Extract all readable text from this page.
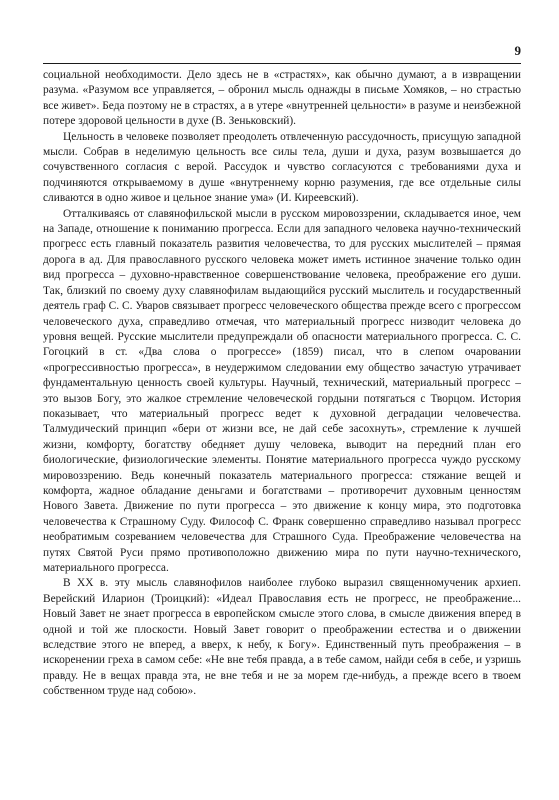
9

социальной необходимости. Дело здесь не в «страстях», как обычно думают, а в извращении разума. «Разумом все управляется, – обронил мысль однажды в письме Хомяков, – но страстью все живет». Беда поэтому не в страстях, а в утере «внутренней цельности» в разуме и неизбежной потере здоровой цельности в духе (В. Зеньковский).

Цельность в человеке позволяет преодолеть отвлеченную рассудочность, присущую западной мысли. Собрав в неделимую цельность все силы тела, души и духа, разум возвышается до сочувственного согласия с верой. Рассудок и чувство согласуются с требованиями духа и подчиняются открываемому в душе «внутреннему корню разумения, где все отдельные силы сливаются в одно живое и цельное знание ума» (И. Киреевский).

Отталкиваясь от славянофильской мысли в русском мировоззрении, складывается иное, чем на Западе, отношение к пониманию прогресса. Если для западного человека научно-технический прогресс есть главный показатель развития человечества, то для русских мыслителей – прямая дорога в ад. Для православного русского человека может иметь истинное значение только один вид прогресса – духовно-нравственное совершенствование человека, преображение его души. Так, близкий по своему духу славянофилам выдающийся русский мыслитель и государственный деятель граф С. С. Уваров связывает прогресс человеческого общества прежде всего с прогрессом человеческого духа, справедливо отмечая, что материальный прогресс низводит человека до уровня вещей. Русские мыслители предупреждали об опасности материального прогресса. С. С. Гогоцкий в ст. «Два слова о прогрессе» (1859) писал, что в слепом очаровании «прогрессивностью прогресса», в неудержимом следовании ему общество зачастую утрачивает фундаментальную ценность своей культуры. Научный, технический, материальный прогресс – это вызов Богу, это жалкое стремление человеческой гордыни потягаться с Творцом. История показывает, что материальный прогресс ведет к духовной деградации человечества. Талмудический принцип «бери от жизни все, не дай себе засохнуть», стремление к лучшей жизни, комфорту, богатству обедняет душу человека, выводит на передний план его биологические, физиологические элементы. Понятие материального прогресса чуждо русскому мировоззрению. Ведь конечный показатель материального прогресса: стяжание вещей и комфорта, жадное обладание деньгами и богатствами – противоречит духовным ценностям Нового Завета. Движение по пути прогресса – это движение к концу мира, это подготовка человечества к Страшному Суду. Философ С. Франк совершенно справедливо называл прогресс необратимым созреванием человечества для Страшного Суда. Преображение человечества на путях Святой Руси прямо противоположно движению мира по пути научно-технического, материального прогресса.

В XX в. эту мысль славянофилов наиболее глубоко выразил священномученик архиеп. Верейский Иларион (Троицкий): «Идеал Православия есть не прогресс, не преображение... Новый Завет не знает прогресса в европейском смысле этого слова, в смысле движения вперед в одной и той же плоскости. Новый Завет говорит о преображении естества и о движении вследствие этого не вперед, а вверх, к небу, к Богу». Единственный путь преображения – в искоренении греха в самом себе: «Не вне тебя правда, а в тебе самом, найди себя в себе, и узришь правду. Не в вещах правда эта, не вне тебя и не за морем где-нибудь, а прежде всего в твоем собственном труде над собою».
